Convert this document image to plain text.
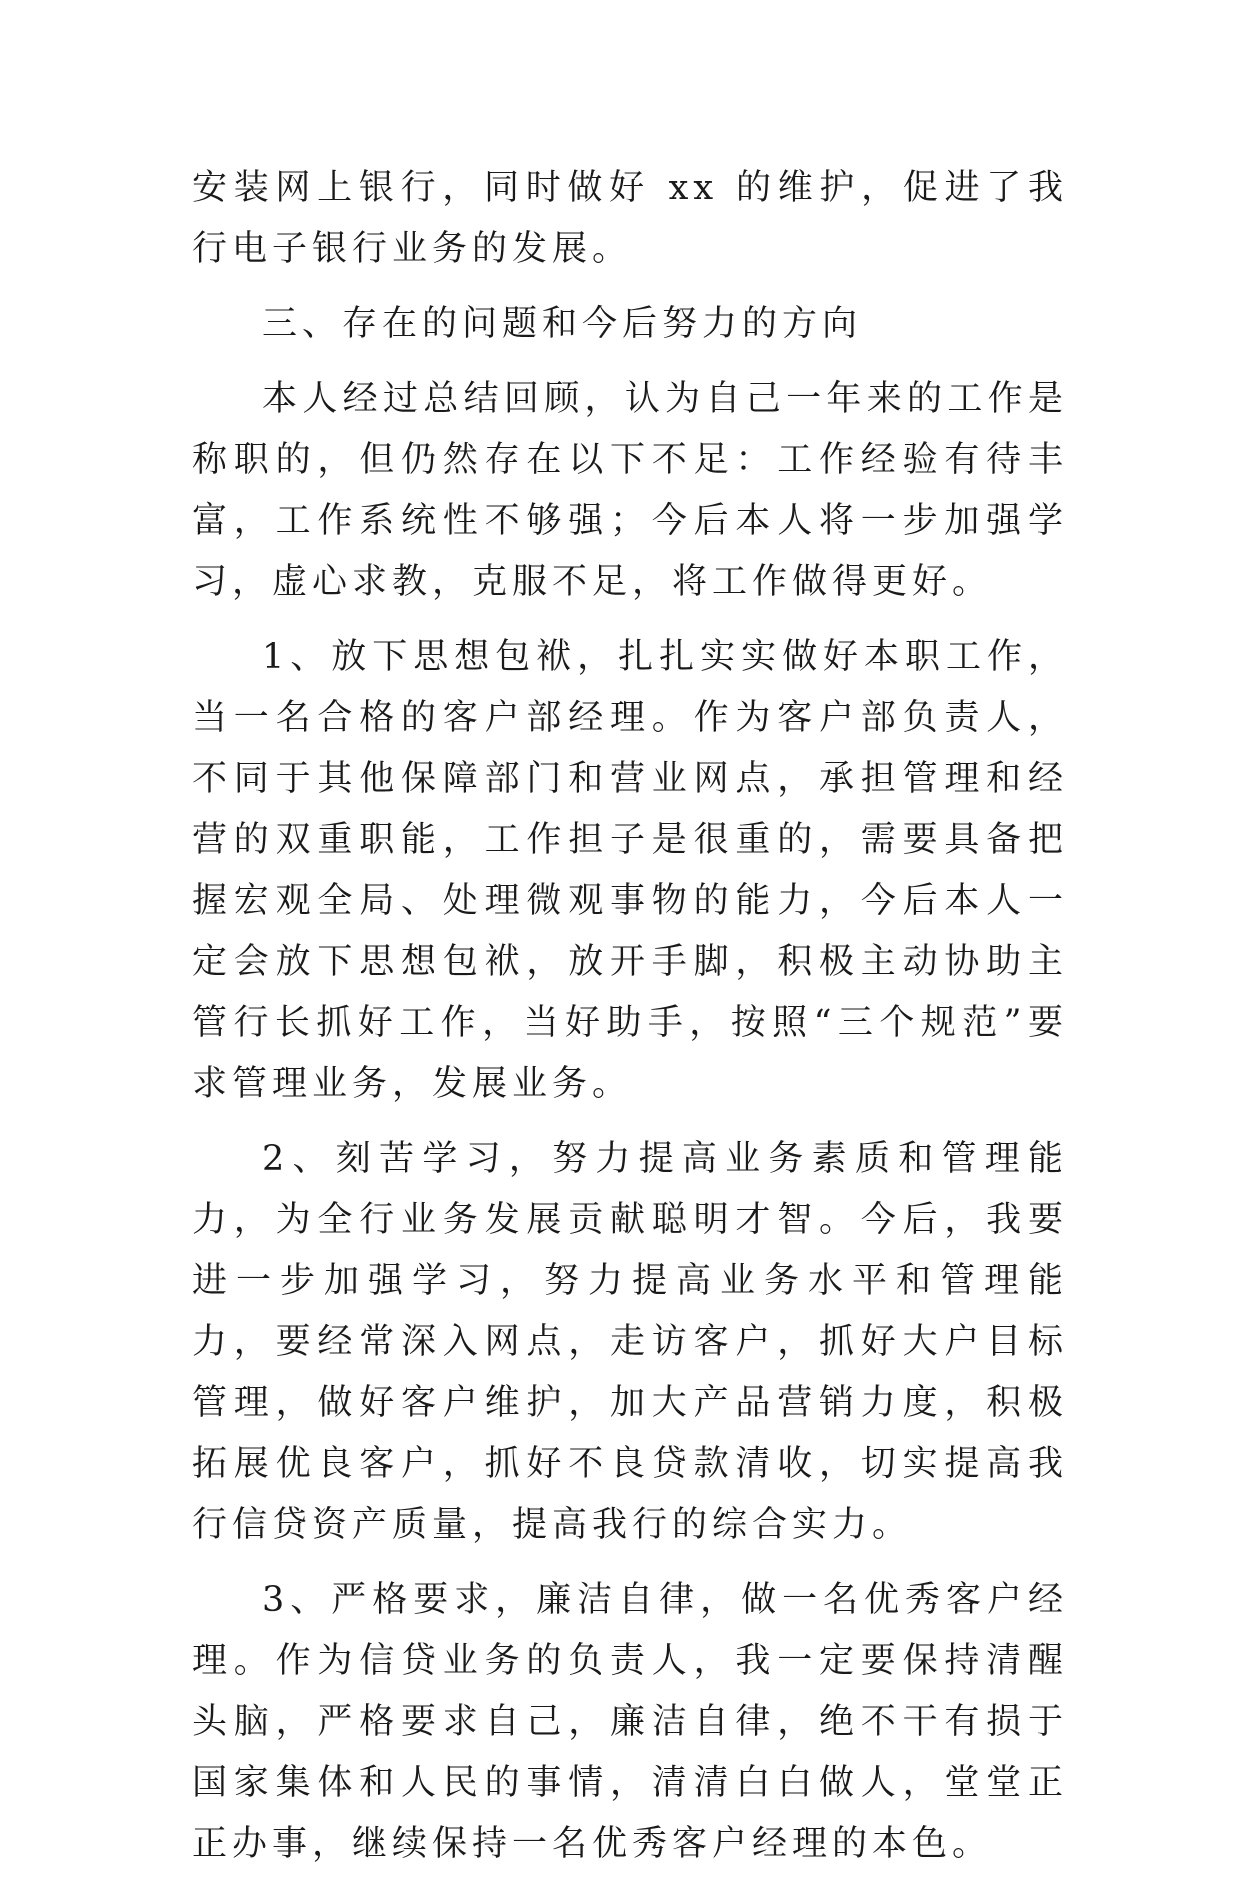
安装网上银行，同时做好 xx 的维护，促进了我行电子银行业务的发展。

三、存在的问题和今后努力的方向

本人经过总结回顾，认为自己一年来的工作是称职的，但仍然存在以下不足：工作经验有待丰富，工作系统性不够强；今后本人将一步加强学习，虚心求教，克服不足，将工作做得更好。

1、放下思想包袱，扎扎实实做好本职工作，当一名合格的客户部经理。作为客户部负责人，不同于其他保障部门和营业网点，承担管理和经营的双重职能，工作担子是很重的，需要具备把握宏观全局、处理微观事物的能力，今后本人一定会放下思想包袱，放开手脚，积极主动协助主管行长抓好工作，当好助手，按照“三个规范”要求管理业务，发展业务。

2、刻苦学习，努力提高业务素质和管理能力，为全行业务发展贡献聪明才智。今后，我要进一步加强学习，努力提高业务水平和管理能力，要经常深入网点，走访客户，抓好大户目标管理，做好客户维护，加大产品营销力度，积极拓展优良客户，抓好不良贷款清收，切实提高我行信贷资产质量，提高我行的综合实力。

3、严格要求，廉洁自律，做一名优秀客户经理。作为信贷业务的负责人，我一定要保持清醒头脑，严格要求自己，廉洁自律，绝不干有损于国家集体和人民的事情，清清白白做人，堂堂正正办事，继续保持一名优秀客户经理的本色。
